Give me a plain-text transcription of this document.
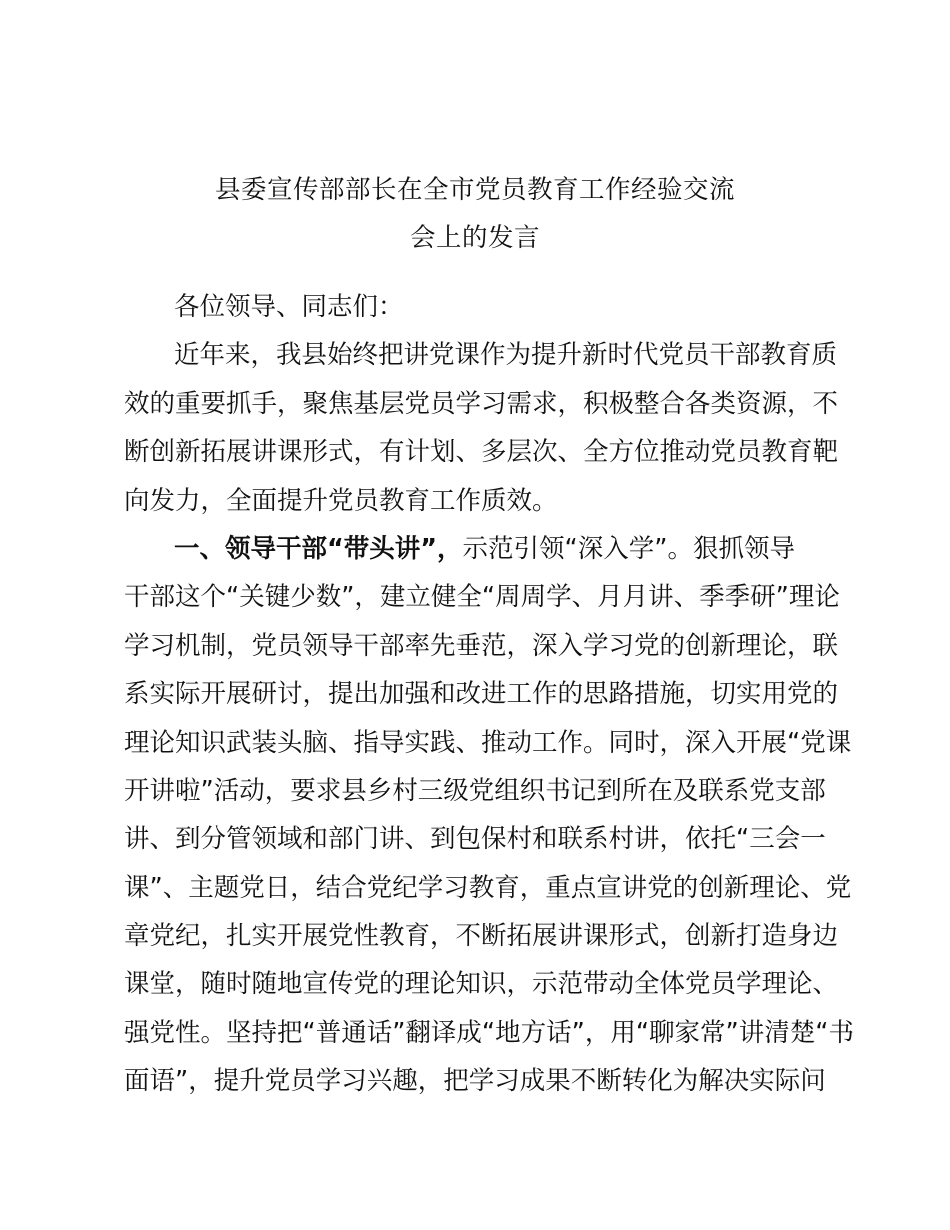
县委宣传部部长在全市党员教育工作经验交流
会上的发言
各位领导、同志们：
近年来，我县始终把讲党课作为提升新时代党员干部教育质
效的重要抓手，聚焦基层党员学习需求，积极整合各类资源，不
断创新拓展讲课形式，有计划、多层次、全方位推动党员教育靶
向发力，全面提升党员教育工作质效。
一、领导干部“带头讲”，示范引领“深入学”。狠抓领导
干部这个“关键少数”，建立健全“周周学、月月讲、季季研”理论
学习机制，党员领导干部率先垂范，深入学习党的创新理论，联
系实际开展研讨，提出加强和改进工作的思路措施，切实用党的
理论知识武装头脑、指导实践、推动工作。同时，深入开展“党课
开讲啦”活动，要求县乡村三级党组织书记到所在及联系党支部
讲、到分管领域和部门讲、到包保村和联系村讲，依托“三会一
课”、主题党日，结合党纪学习教育，重点宣讲党的创新理论、党
章党纪，扎实开展党性教育，不断拓展讲课形式，创新打造身边
课堂，随时随地宣传党的理论知识，示范带动全体党员学理论、
强党性。坚持把“普通话”翻译成“地方话”，用“聊家常”讲清楚“书
面语”，提升党员学习兴趣，把学习成果不断转化为解决实际问
